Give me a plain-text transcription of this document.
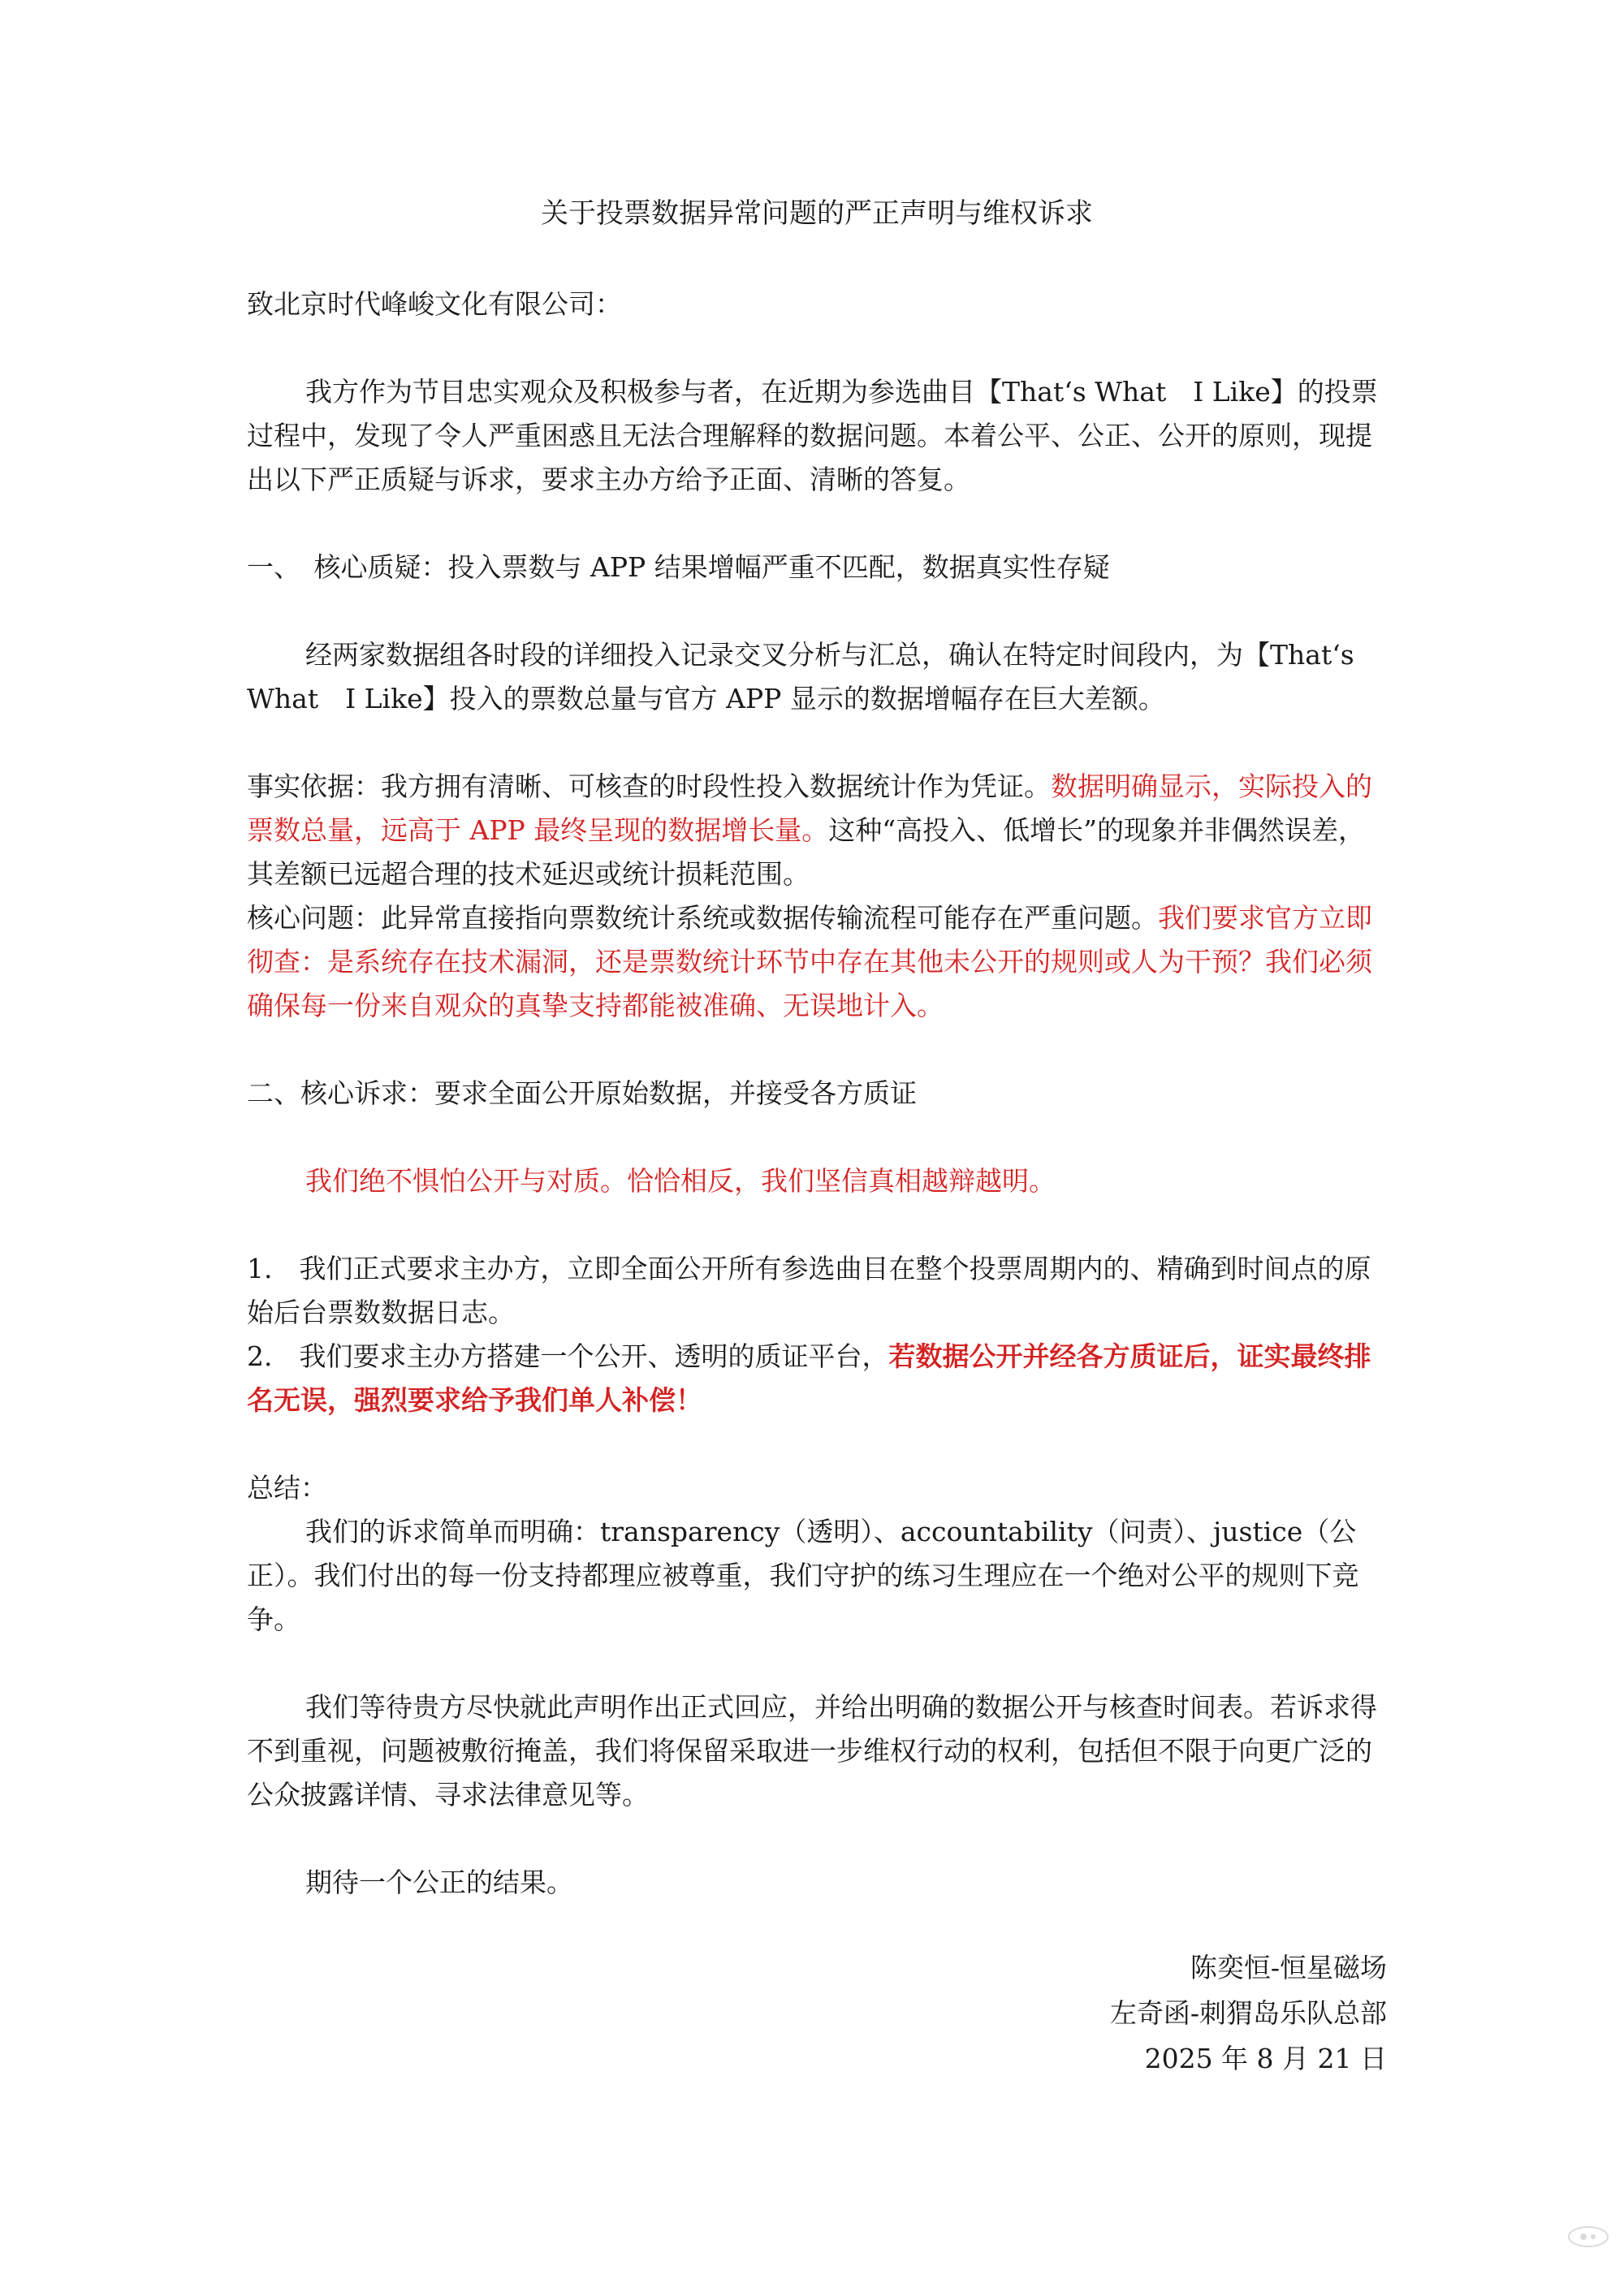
关于投票数据异常问题的严正声明与维权诉求

致北京时代峰峻文化有限公司：

我方作为节目忠实观众及积极参与者，在近期为参选曲目【That‘s What　I Like】的投票过程中，发现了令人严重困惑且无法合理解释的数据问题。本着公平、公正、公开的原则，现提出以下严正质疑与诉求，要求主办方给予正面、清晰的答复。

一、　核心质疑：投入票数与 APP 结果增幅严重不匹配，数据真实性存疑

经两家数据组各时段的详细投入记录交叉分析与汇总，确认在特定时间段内，为【That‘s What　I Like】投入的票数总量与官方 APP 显示的数据增幅存在巨大差额。

事实依据：我方拥有清晰、可核查的时段性投入数据统计作为凭证。数据明确显示，实际投入的票数总量，远高于 APP 最终呈现的数据增长量。这种“高投入、低增长”的现象并非偶然误差，其差额已远超合理的技术延迟或统计损耗范围。

核心问题：此异常直接指向票数统计系统或数据传输流程可能存在严重问题。我们要求官方立即彻查：是系统存在技术漏洞，还是票数统计环节中存在其他未公开的规则或人为干预？我们必须确保每一份来自观众的真挚支持都能被准确、无误地计入。

二、核心诉求：要求全面公开原始数据，并接受各方质证

我们绝不惧怕公开与对质。恰恰相反，我们坚信真相越辩越明。

1.　我们正式要求主办方，立即全面公开所有参选曲目在整个投票周期内的、精确到时间点的原始后台票数数据日志。

2.　我们要求主办方搭建一个公开、透明的质证平台，若数据公开并经各方质证后，证实最终排名无误，强烈要求给予我们单人补偿！

总结：

我们的诉求简单而明确：transparency（透明）、accountability（问责）、justice（公正）。我们付出的每一份支持都理应被尊重，我们守护的练习生理应在一个绝对公平的规则下竞争。

我们等待贵方尽快就此声明作出正式回应，并给出明确的数据公开与核查时间表。若诉求得不到重视，问题被敷衍掩盖，我们将保留采取进一步维权行动的权利，包括但不限于向更广泛的公众披露详情、寻求法律意见等。

期待一个公正的结果。

陈奕恒-恒星磁场
左奇函-刺猬岛乐队总部
2025 年 8 月 21 日
